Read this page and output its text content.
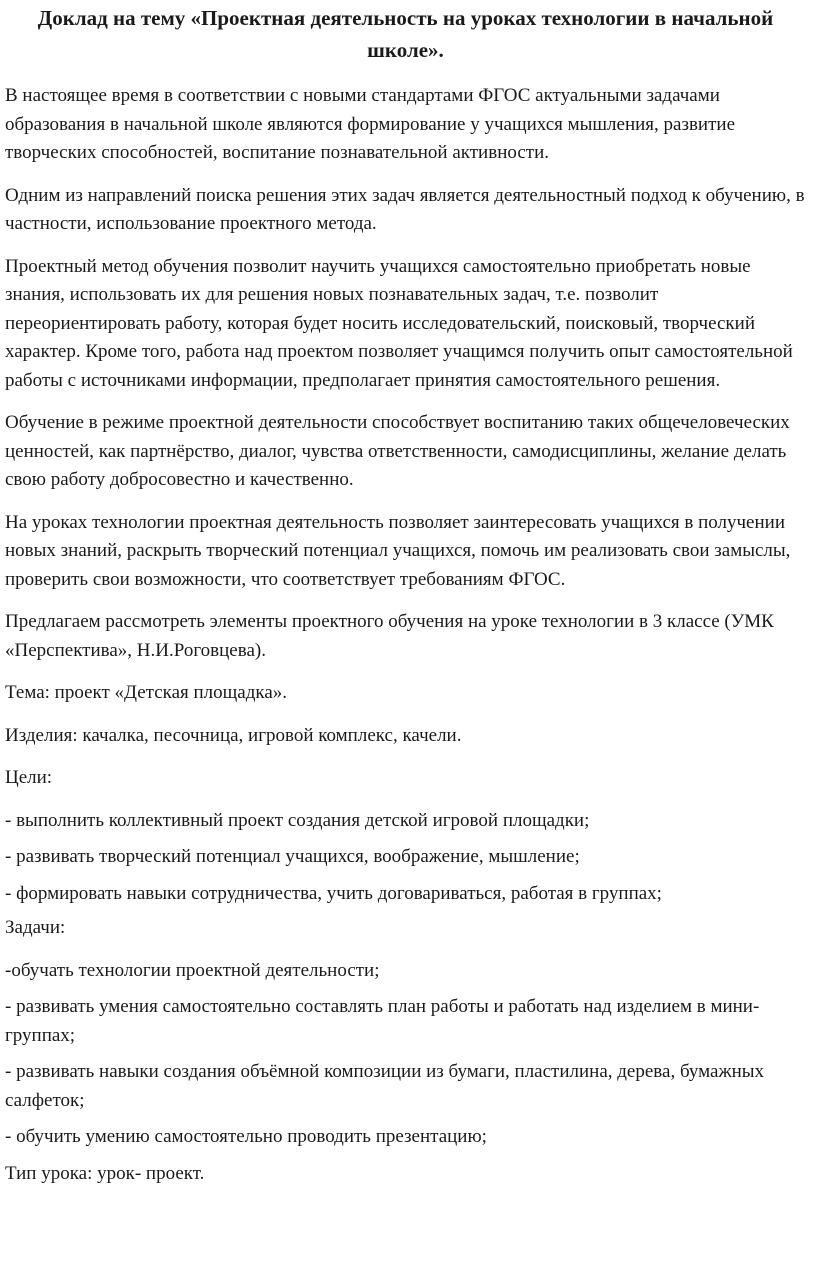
Доклад на тему «Проектная деятельность на уроках технологии в начальной школе».

В настоящее время в соответствии с новыми стандартами ФГОС актуальными задачами образования в начальной школе являются формирование у учащихся мышления, развитие творческих способностей, воспитание познавательной активности.

Одним из направлений поиска решения этих задач является деятельностный подход к обучению, в частности, использование проектного метода.

Проектный метод обучения позволит научить учащихся самостоятельно приобретать новые знания, использовать их для решения новых познавательных задач, т.е. позволит переориентировать работу, которая будет носить исследовательский, поисковый, творческий характер. Кроме того, работа над проектом позволяет учащимся получить опыт самостоятельной работы с источниками информации, предполагает принятия самостоятельного решения.

Обучение в режиме проектной деятельности способствует воспитанию таких общечеловеческих ценностей, как партнёрство, диалог, чувства ответственности, самодисциплины, желание делать свою работу добросовестно и качественно.

На уроках технологии проектная деятельность позволяет заинтересовать учащихся в получении новых знаний, раскрыть творческий потенциал учащихся, помочь им реализовать свои замыслы, проверить свои возможности, что соответствует требованиям ФГОС.

Предлагаем рассмотреть элементы проектного обучения на уроке технологии в 3 классе (УМК «Перспектива», Н.И.Роговцева).

Тема: проект «Детская площадка».

Изделия: качалка, песочница, игровой комплекс, качели.

Цели:

- выполнить коллективный проект создания детской игровой площадки;

- развивать творческий потенциал учащихся, воображение, мышление;

- формировать навыки сотрудничества, учить договариваться, работая в группах;

Задачи:

-обучать технологии проектной деятельности;

- развивать умения самостоятельно составлять план работы и работать над изделием в мини-группах;

- развивать навыки создания объёмной композиции из бумаги, пластилина, дерева, бумажных салфеток;

- обучить умению самостоятельно проводить презентацию;

Тип урока: урок- проект.
